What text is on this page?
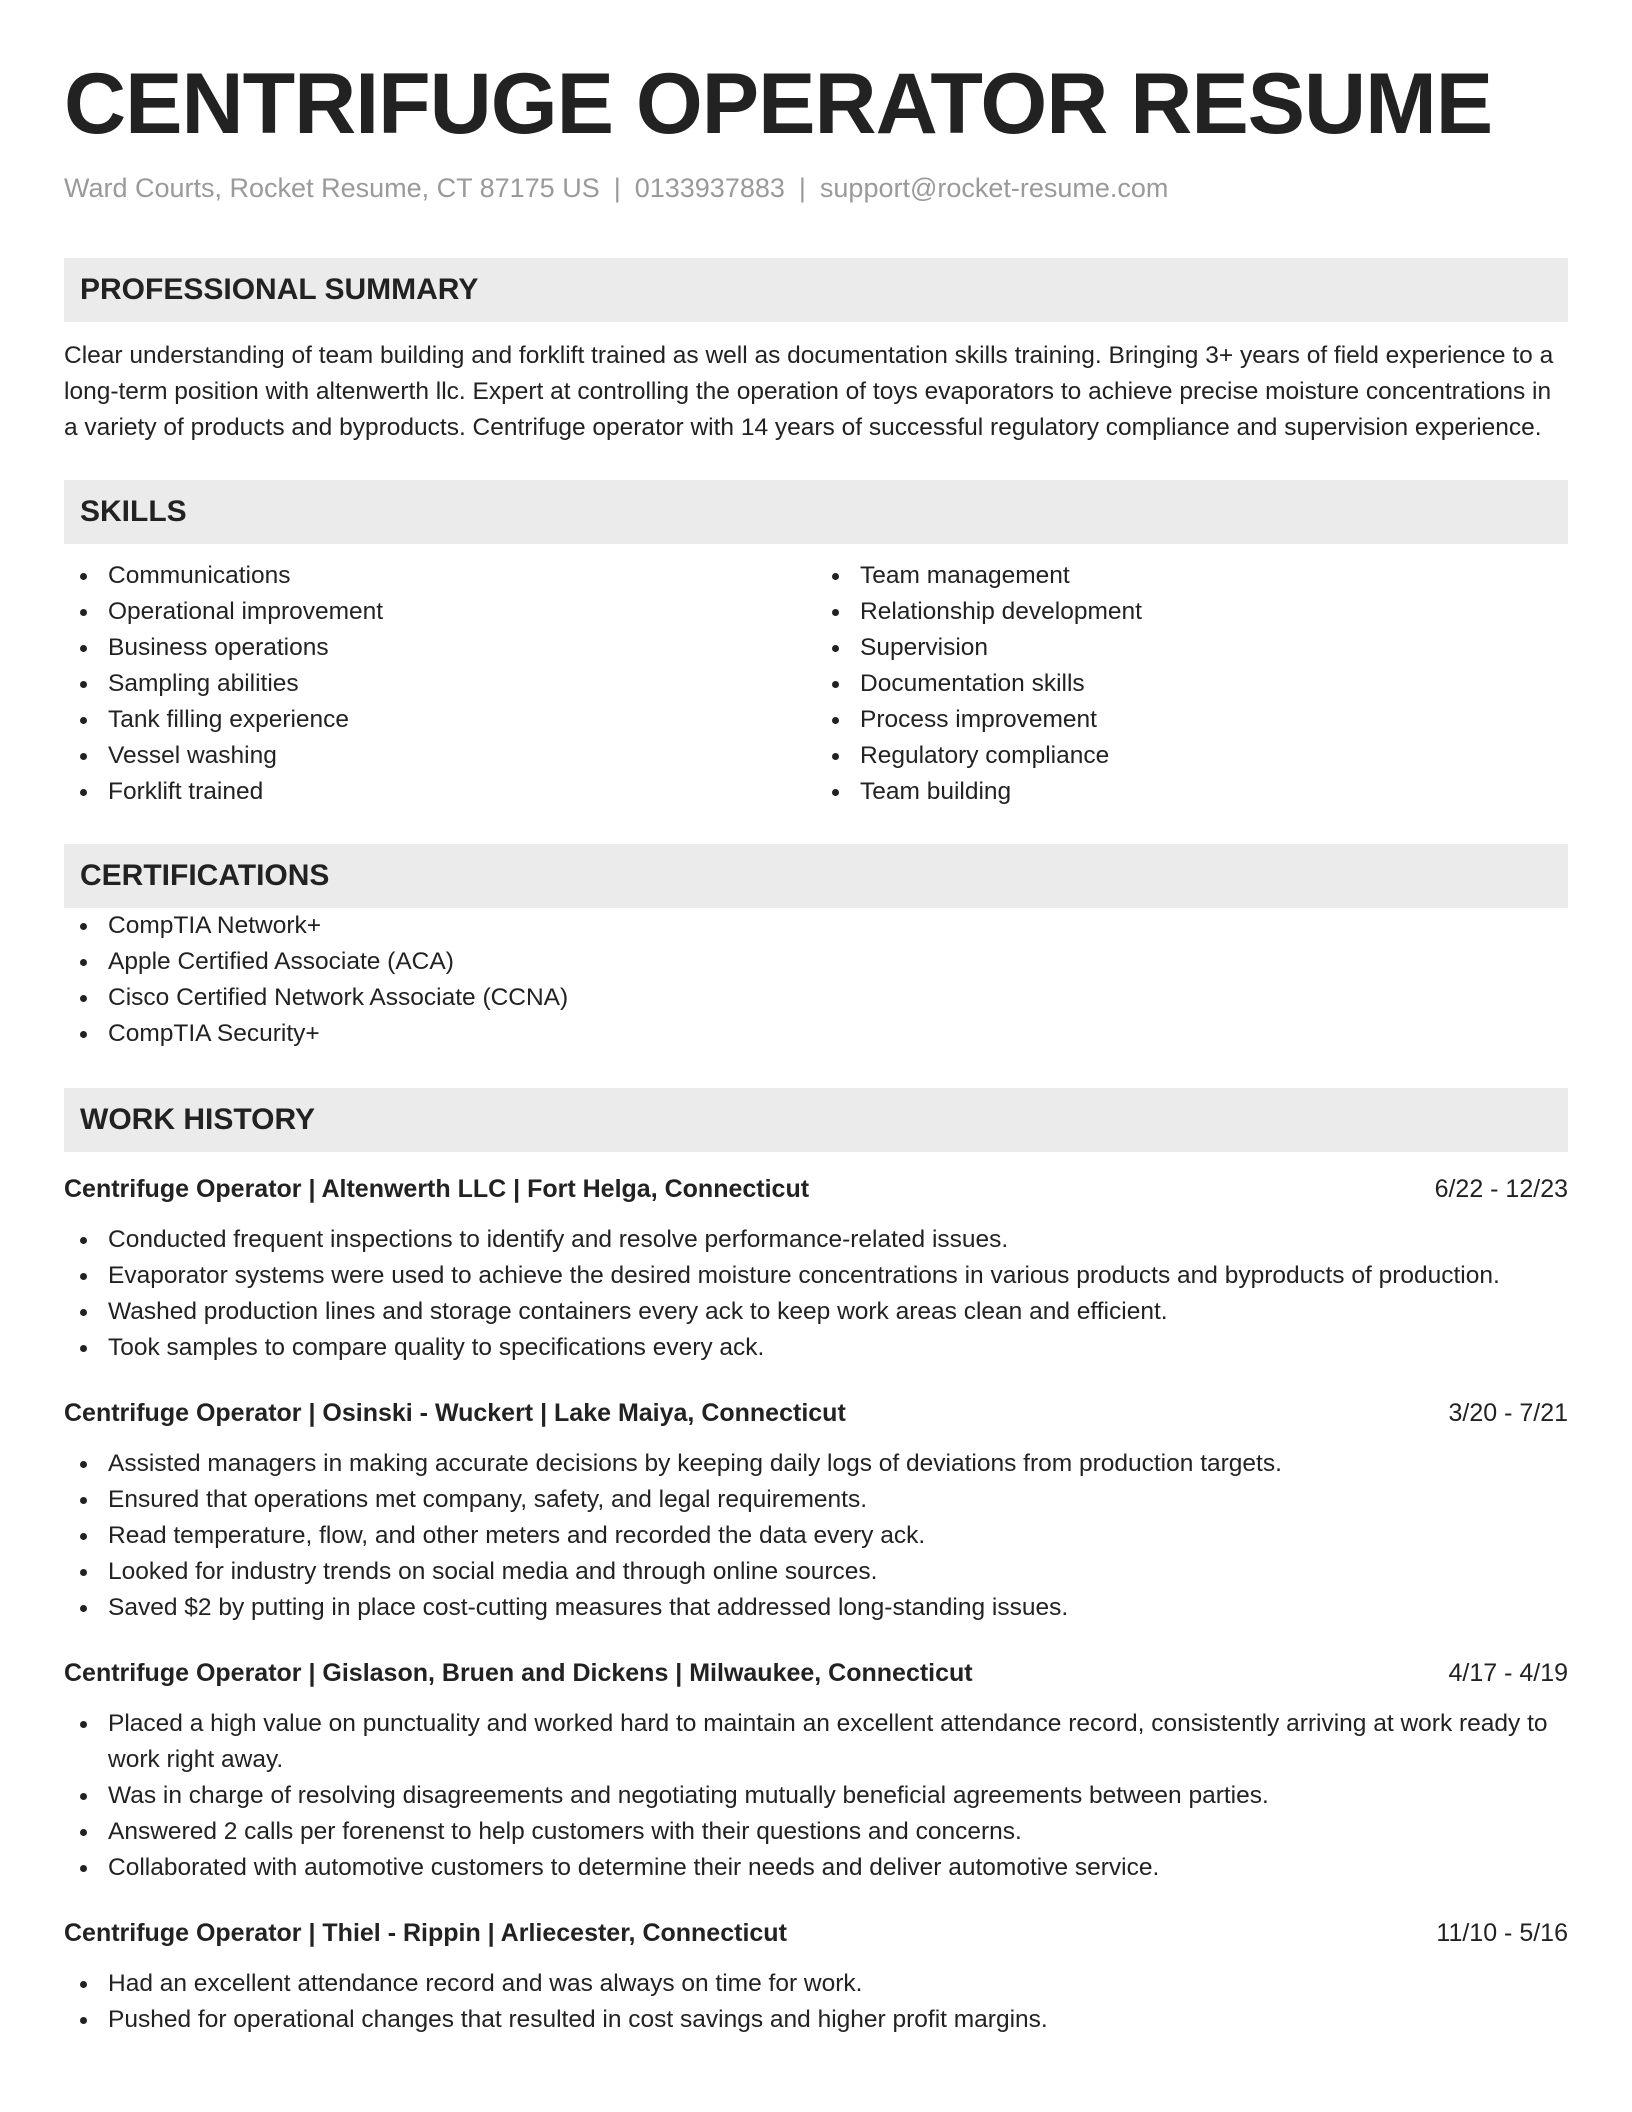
CENTRIFUGE OPERATOR RESUME
Ward Courts, Rocket Resume, CT 87175 US | 0133937883 | support@rocket-resume.com
PROFESSIONAL SUMMARY

Clear understanding of team building and forklift trained as well as documentation skills training. Bringing 3+ years of field experience to a long-term position with altenwerth llc. Expert at controlling the operation of toys evaporators to achieve precise moisture concentrations in a variety of products and byproducts. Centrifuge operator with 14 years of successful regulatory compliance and supervision experience.

SKILLS
Communications
Operational improvement
Business operations
Sampling abilities
Tank filling experience
Vessel washing
Forklift trained
Team management
Relationship development
Supervision
Documentation skills
Process improvement
Regulatory compliance
Team building
CERTIFICATIONS
CompTIA Network+
Apple Certified Associate (ACA)
Cisco Certified Network Associate (CCNA)
CompTIA Security+
WORK HISTORY
Centrifuge Operator | Altenwerth LLC | Fort Helga, Connecticut	6/22 - 12/23
Conducted frequent inspections to identify and resolve performance-related issues.
Evaporator systems were used to achieve the desired moisture concentrations in various products and byproducts of production.
Washed production lines and storage containers every ack to keep work areas clean and efficient.
Took samples to compare quality to specifications every ack.
Centrifuge Operator | Osinski - Wuckert | Lake Maiya, Connecticut	3/20 - 7/21
Assisted managers in making accurate decisions by keeping daily logs of deviations from production targets.
Ensured that operations met company, safety, and legal requirements.
Read temperature, flow, and other meters and recorded the data every ack.
Looked for industry trends on social media and through online sources.
Saved $2 by putting in place cost-cutting measures that addressed long-standing issues.
Centrifuge Operator | Gislason, Bruen and Dickens | Milwaukee, Connecticut	4/17 - 4/19
Placed a high value on punctuality and worked hard to maintain an excellent attendance record, consistently arriving at work ready to work right away.
Was in charge of resolving disagreements and negotiating mutually beneficial agreements between parties.
Answered 2 calls per forenenst to help customers with their questions and concerns.
Collaborated with automotive customers to determine their needs and deliver automotive service.
Centrifuge Operator | Thiel - Rippin | Arliecester, Connecticut	11/10 - 5/16
Had an excellent attendance record and was always on time for work.
Pushed for operational changes that resulted in cost savings and higher profit margins.
